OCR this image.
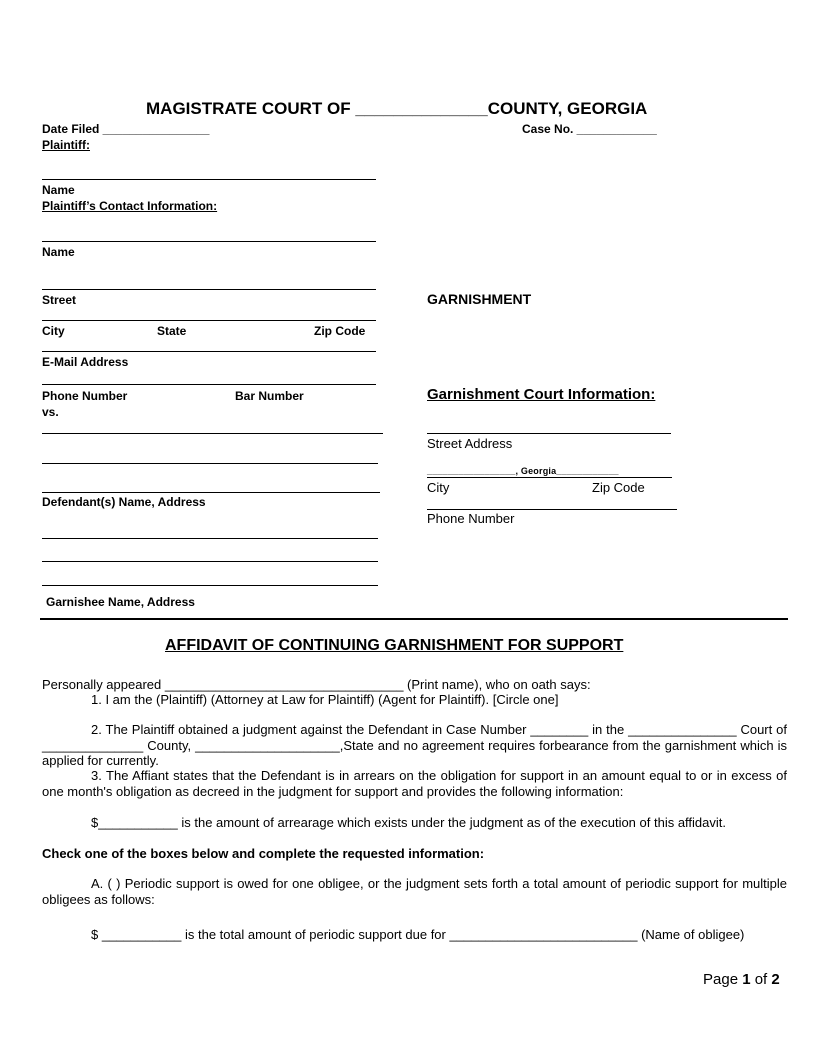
MAGISTRATE COURT OF ______________COUNTY, GEORGIA
Date Filed ________________	Case No. ____________
Plaintiff:
Name
Plaintiff’s Contact Information:
Name
Street
City	State	Zip Code
E-Mail Address
Phone Number	Bar Number
vs.
Defendant(s) Name, Address
Garnishee Name, Address
GARNISHMENT
Garnishment Court Information:
Street Address
_________________, Georgia____________
City	Zip Code
Phone Number
AFFIDAVIT OF CONTINUING GARNISHMENT FOR SUPPORT
Personally appeared _________________________________ (Print name), who on oath says:
1. I am the (Plaintiff) (Attorney at Law for Plaintiff) (Agent for Plaintiff). [Circle one]

2. The Plaintiff obtained a judgment against the Defendant in Case Number ________ in the _______________ Court of ______________ County, ____________________,State and no agreement requires forbearance from the garnishment which is applied for currently.

3. The Affiant states that the Defendant is in arrears on the obligation for support in an amount equal to or in excess of one month's obligation as decreed in the judgment for support and provides the following information:

$___________ is the amount of arrearage which exists under the judgment as of the execution of this affidavit.
Check one of the boxes below and complete the requested information:

A. ( ) Periodic support is owed for one obligee, or the judgment sets forth a total amount of periodic support for multiple obligees as follows:

$ ___________ is the total amount of periodic support due for __________________________ (Name of obligee)
Page 1 of 2
